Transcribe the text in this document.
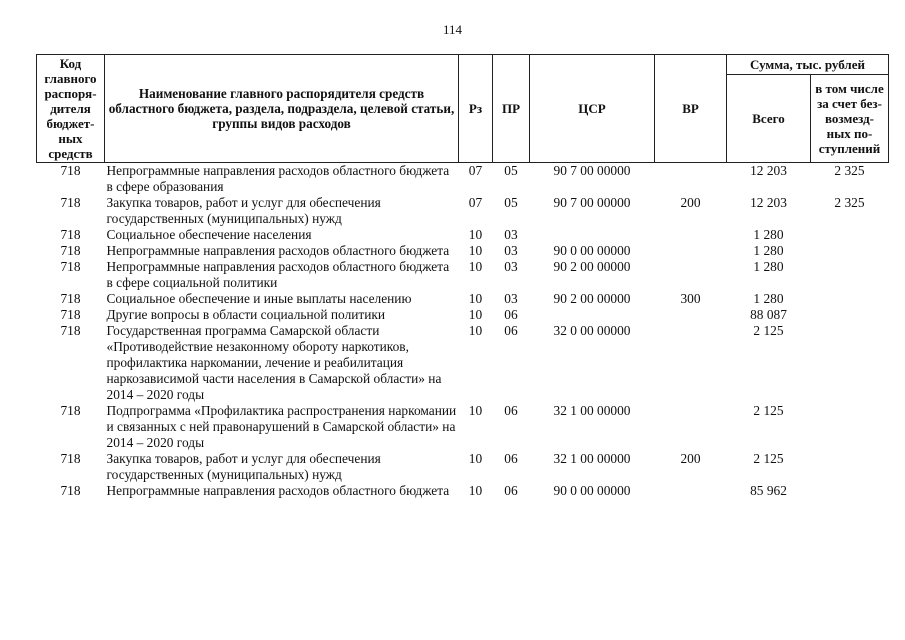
114
Код главного распоря-дителя бюджет-ных средств	Наименование главного распорядителя средств областного бюджета, раздела, подраздела, целевой статьи, группы видов расходов	Рз	ПР	ЦСР	ВР	Сумма, тыс. рублей	
						Всего	в том числе за счет без-возмезд-ных по-ступлений
718	Непрограммные направления расходов областного бюджета в сфере образования	07	05	90 7 00 00000		12 203	2 325
718	Закупка товаров, работ и услуг для обеспечения государственных (муниципальных) нужд	07	05	90 7 00 00000	200	12 203	2 325
718	Социальное обеспечение населения	10	03			1 280	
718	Непрограммные направления расходов областного бюджета	10	03	90 0 00 00000		1 280	
718	Непрограммные направления расходов областного бюджета в сфере социальной политики	10	03	90 2 00 00000		1 280	
718	Социальное обеспечение и иные выплаты населению	10	03	90 2 00 00000	300	1 280	
718	Другие вопросы в области социальной политики	10	06			88 087	
718	Государственная программа Самарской области «Противодействие незаконному обороту наркотиков, профилактика наркомании, лечение и реабилитация наркозависимой части населения в Самарской области» на 2014 – 2020 годы	10	06	32 0 00 00000		2 125	
718	Подпрограмма «Профилактика распространения наркомании и связанных с ней правонарушений в Самарской области» на 2014 – 2020 годы	10	06	32 1 00 00000		2 125	
718	Закупка товаров, работ и услуг для обеспечения государственных (муниципальных) нужд	10	06	32 1 00 00000	200	2 125	
718	Непрограммные направления расходов областного бюджета	10	06	90 0 00 00000		85 962	
